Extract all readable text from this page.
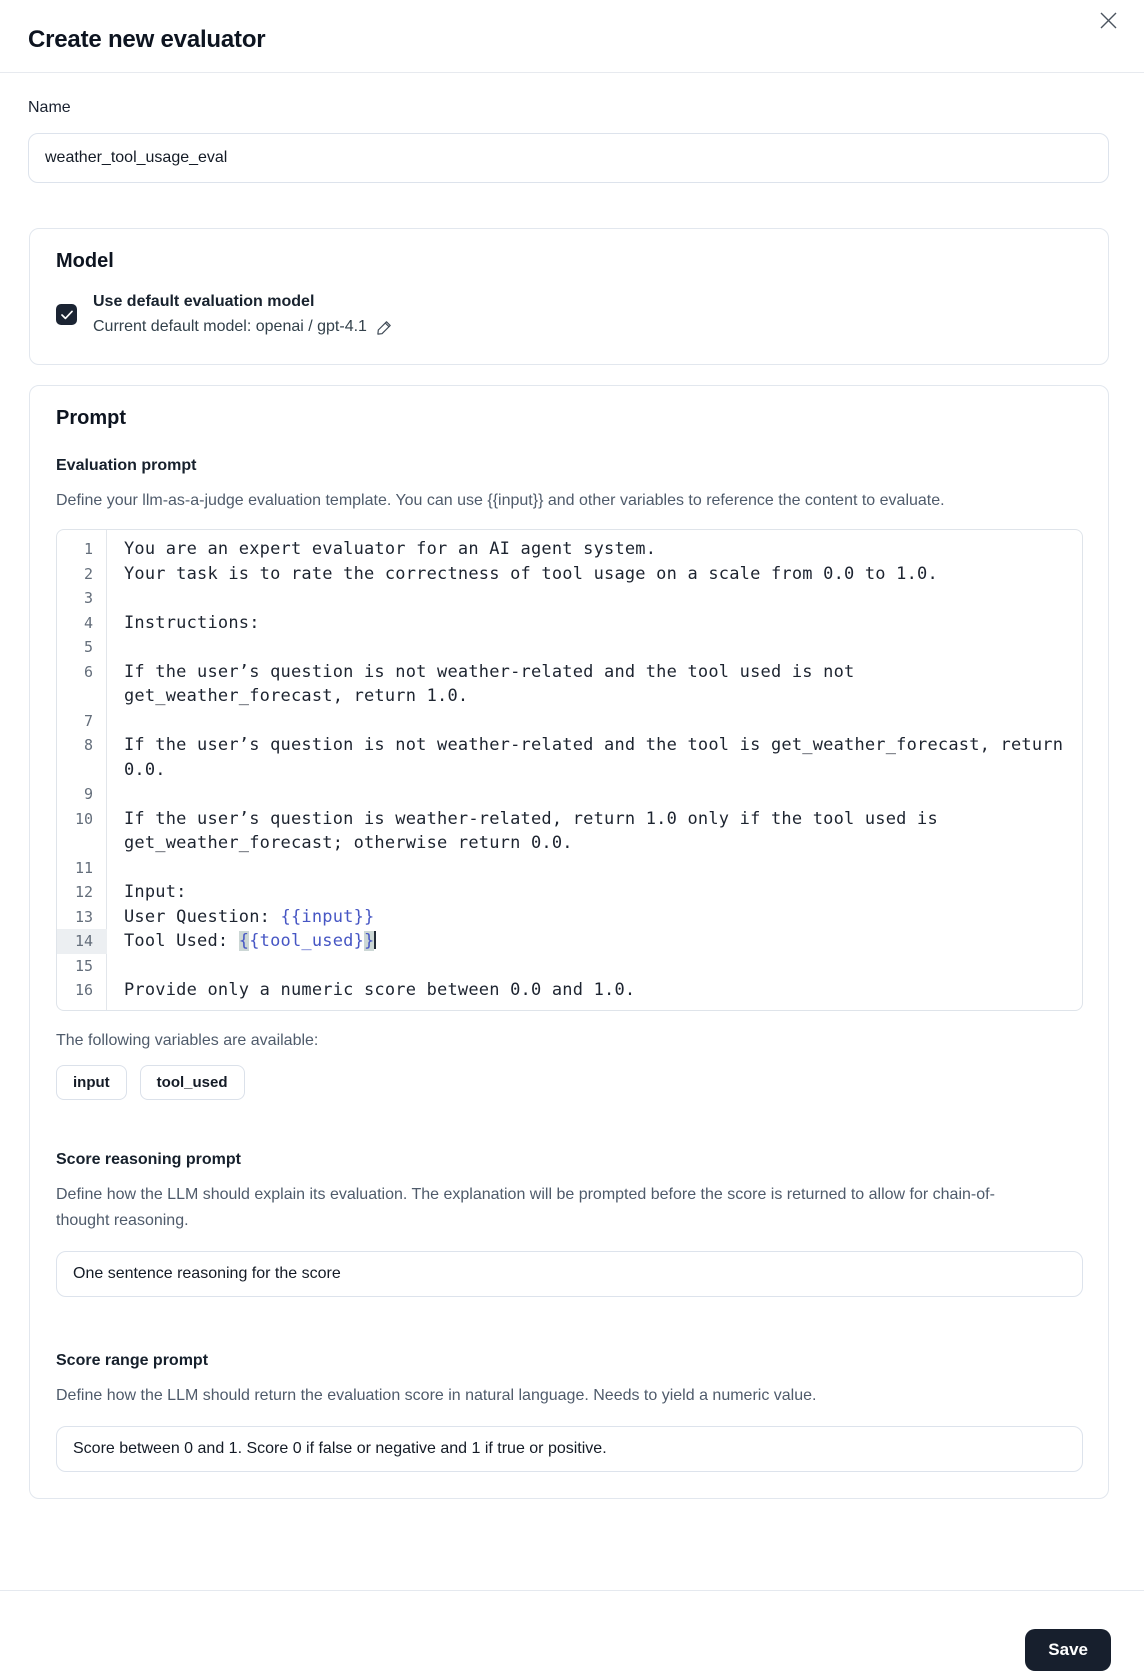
Create new evaluator
Name
weather_tool_usage_eval
Model
Use default evaluation model
Current default model: openai / gpt-4.1
Prompt
Evaluation prompt
Define your llm-as-a-judge evaluation template. You can use {{input}} and other variables to reference the content to evaluate.
1	You are an expert evaluator for an AI agent system.
2	Your task is to rate the correctness of tool usage on a scale from 0.0 to 1.0.
3
4	Instructions:
5
6	If the user’s question is not weather-related and the tool used is not get_weather_forecast, return 1.0.
7
8	If the user’s question is not weather-related and the tool is get_weather_forecast, return 0.0.
9
10	If the user’s question is weather-related, return 1.0 only if the tool used is get_weather_forecast; otherwise return 0.0.
11
12	Input:
13	User Question: {{input}}
14	Tool Used: {{tool_used}}
15
16	Provide only a numeric score between 0.0 and 1.0.
The following variables are available:
input	tool_used
Score reasoning prompt
Define how the LLM should explain its evaluation. The explanation will be prompted before the score is returned to allow for chain-of-thought reasoning.
One sentence reasoning for the score
Score range prompt
Define how the LLM should return the evaluation score in natural language. Needs to yield a numeric value.
Score between 0 and 1. Score 0 if false or negative and 1 if true or positive.
Save
